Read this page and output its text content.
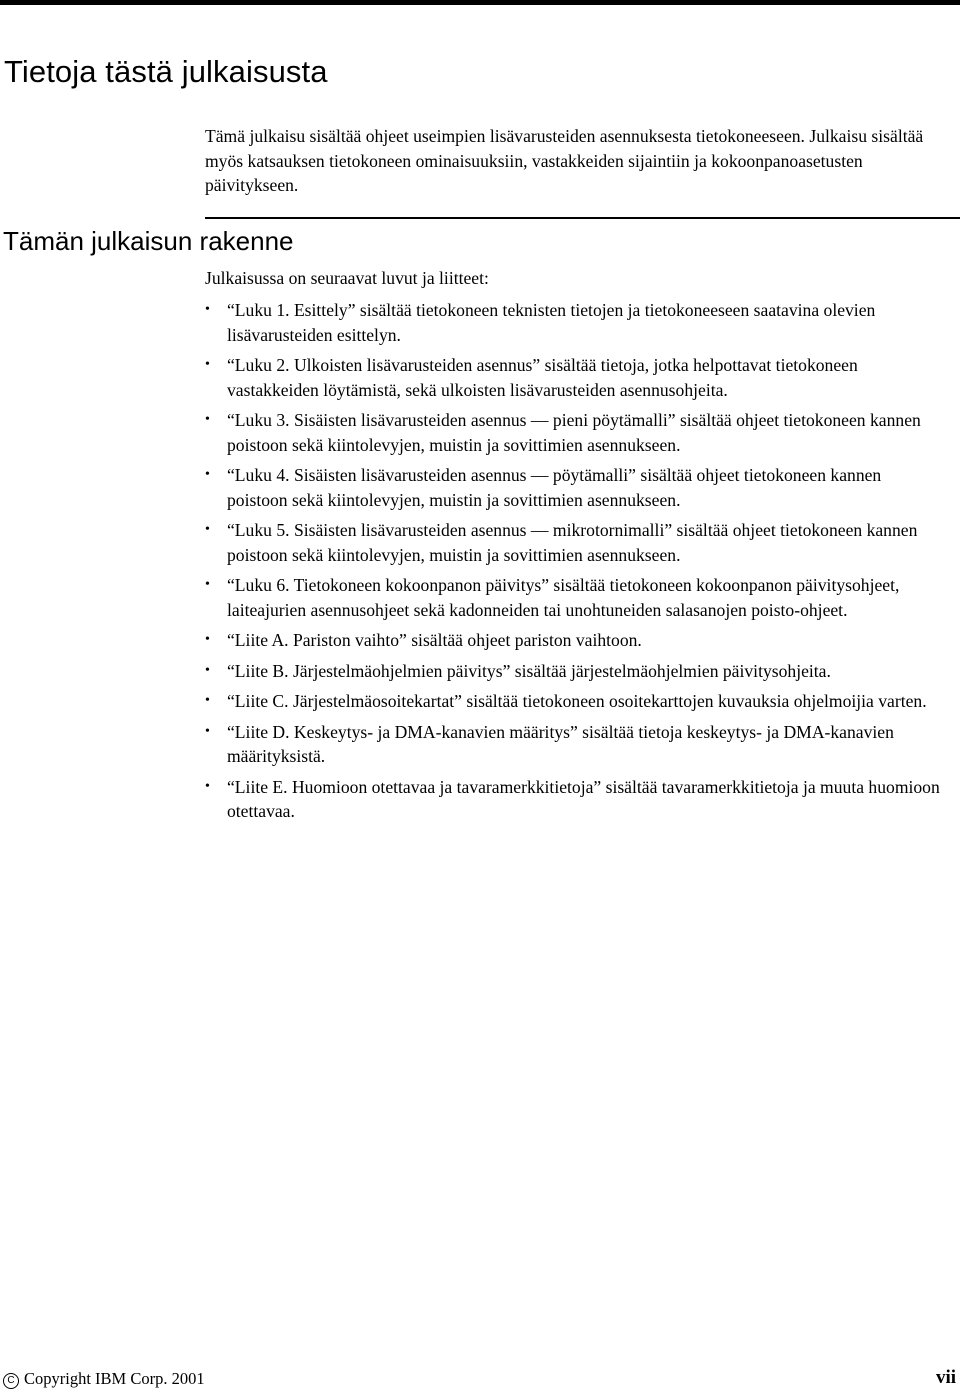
Tietoja tästä julkaisusta

Tämä julkaisu sisältää ohjeet useimpien lisävarusteiden asennuksesta tietokoneeseen. Julkaisu sisältää myös katsauksen tietokoneen ominaisuuksiin, vastakkeiden sijaintiin ja kokoonpanoasetusten päivitykseen.

Tämän julkaisun rakenne

Julkaisussa on seuraavat luvut ja liitteet:

• “Luku 1. Esittely” sisältää tietokoneen teknisten tietojen ja tietokoneeseen saatavina olevien lisävarusteiden esittelyn.
• “Luku 2. Ulkoisten lisävarusteiden asennus” sisältää tietoja, jotka helpottavat tietokoneen vastakkeiden löytämistä, sekä ulkoisten lisävarusteiden asennusohjeita.
• “Luku 3. Sisäisten lisävarusteiden asennus — pieni pöytämalli” sisältää ohjeet tietokoneen kannen poistoon sekä kiintolevyjen, muistin ja sovittimien asennukseen.
• “Luku 4. Sisäisten lisävarusteiden asennus — pöytämalli” sisältää ohjeet tietokoneen kannen poistoon sekä kiintolevyjen, muistin ja sovittimien asennukseen.
• “Luku 5. Sisäisten lisävarusteiden asennus — mikrotornimalli” sisältää ohjeet tietokoneen kannen poistoon sekä kiintolevyjen, muistin ja sovittimien asennukseen.
• “Luku 6. Tietokoneen kokoonpanon päivitys” sisältää tietokoneen kokoonpanon päivitysohjeet, laiteajurien asennusohjeet sekä kadonneiden tai unohtuneiden salasanojen poisto-ohjeet.
• “Liite A. Pariston vaihto” sisältää ohjeet pariston vaihtoon.
• “Liite B. Järjestelmäohjelmien päivitys” sisältää järjestelmäohjelmien päivitysohjeita.
• “Liite C. Järjestelmäosoitekartat” sisältää tietokoneen osoitekarttojen kuvauksia ohjelmoijia varten.
• “Liite D. Keskeytys- ja DMA-kanavien määritys” sisältää tietoja keskeytys- ja DMA-kanavien määrityksistä.
• “Liite E. Huomioon otettavaa ja tavaramerkkitietoja” sisältää tavaramerkkitietoja ja muuta huomioon otettavaa.
C Copyright IBM Corp. 2001	vii
